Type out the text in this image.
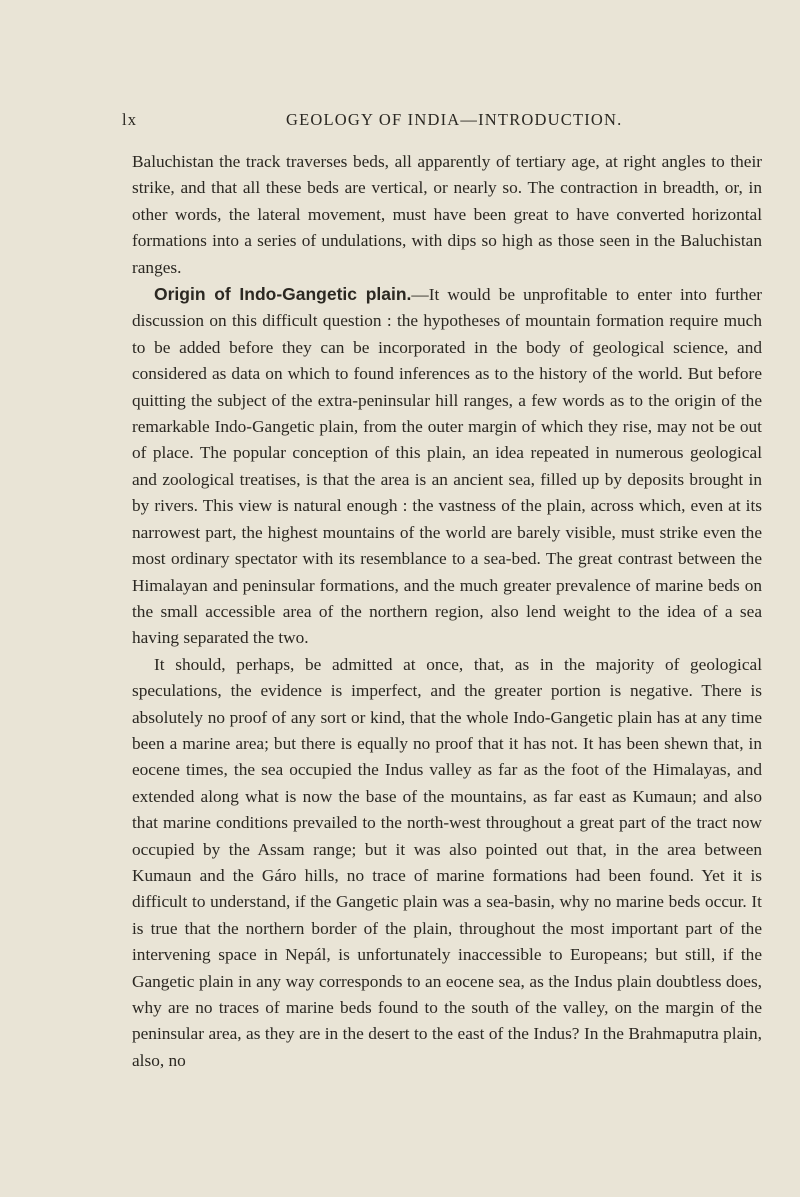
lx	GEOLOGY OF INDIA—INTRODUCTION.

Baluchistan the track traverses beds, all apparently of tertiary age, at right angles to their strike, and that all these beds are vertical, or nearly so. The contraction in breadth, or, in other words, the lateral movement, must have been great to have converted horizontal formations into a series of undulations, with dips so high as those seen in the Baluchistan ranges.

Origin of Indo-Gangetic plain.—It would be unprofitable to enter into further discussion on this difficult question : the hypotheses of mountain formation require much to be added before they can be incorporated in the body of geological science, and considered as data on which to found inferences as to the history of the world. But before quitting the subject of the extra-peninsular hill ranges, a few words as to the origin of the remarkable Indo-Gangetic plain, from the outer margin of which they rise, may not be out of place. The popular conception of this plain, an idea repeated in numerous geological and zoological treatises, is that the area is an ancient sea, filled up by deposits brought in by rivers. This view is natural enough : the vastness of the plain, across which, even at its narrowest part, the highest mountains of the world are barely visible, must strike even the most ordinary spectator with its resemblance to a sea-bed. The great contrast between the Himalayan and peninsular formations, and the much greater prevalence of marine beds on the small accessible area of the northern region, also lend weight to the idea of a sea having separated the two.

It should, perhaps, be admitted at once, that, as in the majority of geological speculations, the evidence is imperfect, and the greater portion is negative. There is absolutely no proof of any sort or kind, that the whole Indo-Gangetic plain has at any time been a marine area; but there is equally no proof that it has not. It has been shewn that, in eocene times, the sea occupied the Indus valley as far as the foot of the Himalayas, and extended along what is now the base of the mountains, as far east as Kumaun; and also that marine conditions prevailed to the north-west throughout a great part of the tract now occupied by the Assam range; but it was also pointed out that, in the area between Kumaun and the Gáro hills, no trace of marine formations had been found. Yet it is difficult to understand, if the Gangetic plain was a sea-basin, why no marine beds occur. It is true that the northern border of the plain, throughout the most important part of the intervening space in Nepál, is unfortunately inaccessible to Europeans; but still, if the Gangetic plain in any way corresponds to an eocene sea, as the Indus plain doubtless does, why are no traces of marine beds found to the south of the valley, on the margin of the peninsular area, as they are in the desert to the east of the Indus? In the Brahmaputra plain, also, no
